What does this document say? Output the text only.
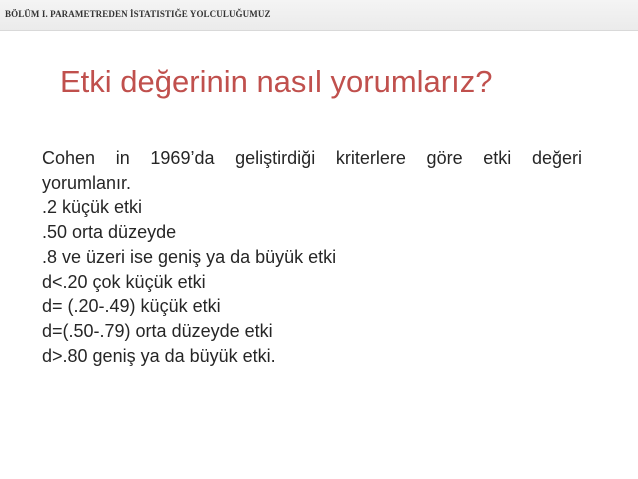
BÖLÜM I. PARAMETREDEN İSTATISTIĞE YOLCULUĞUMUZ
Etki değerinin nasıl yorumlarız?
Cohen in 1969’da geliştirdiği kriterlere göre etki değeri
yorumlanır.
.2 küçük etki
.50 orta düzeyde
.8 ve üzeri ise geniş ya da büyük etki
d<.20 çok küçük etki
d= (.20-.49) küçük etki
d=(.50-.79) orta düzeyde etki
d>.80 geniş ya da büyük etki.
